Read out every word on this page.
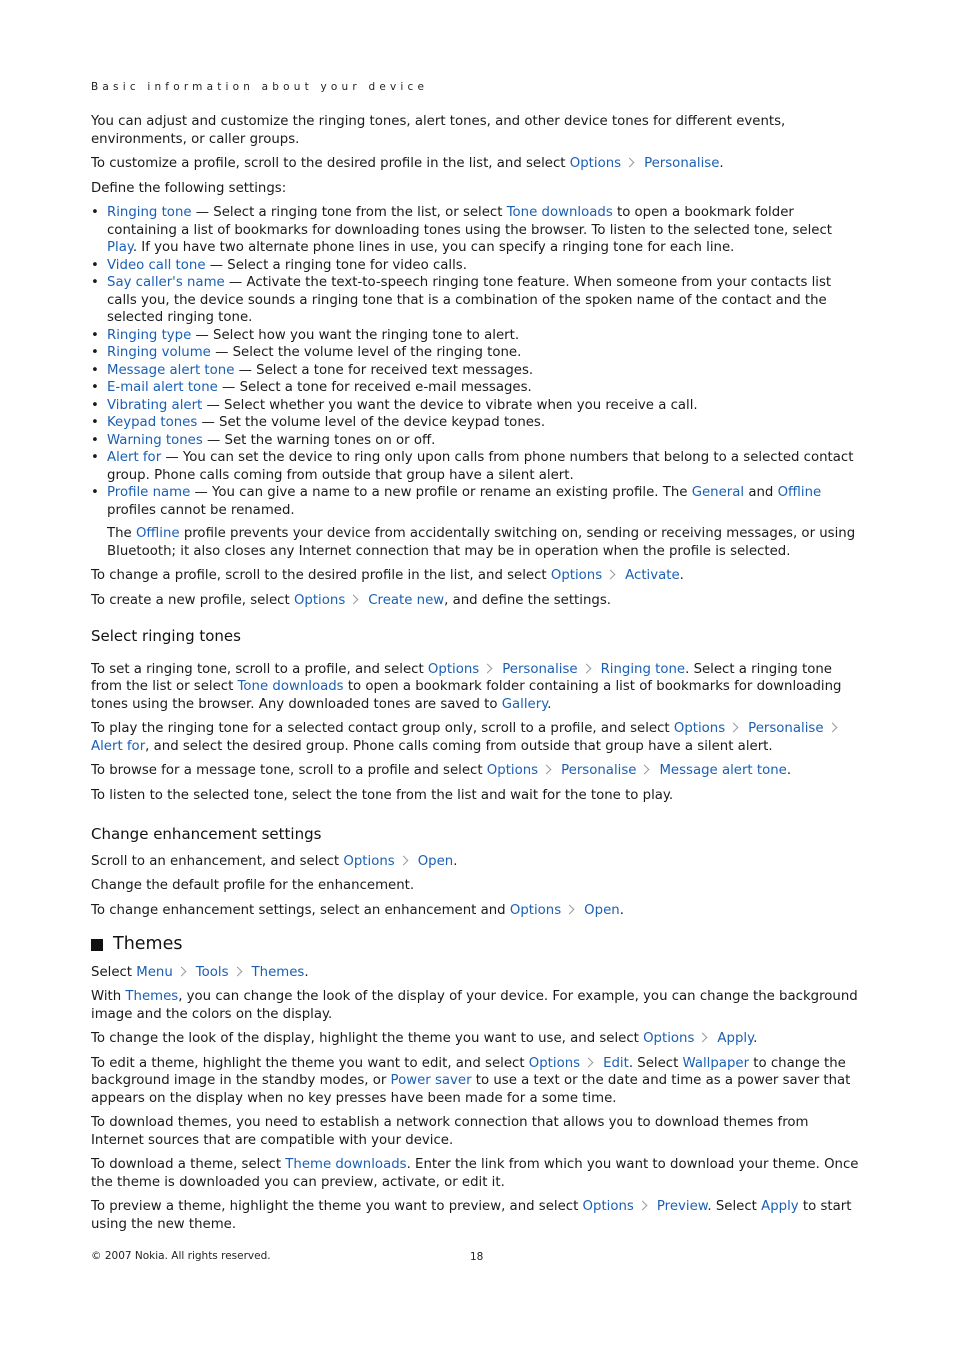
Basic information about your device

You can adjust and customize the ringing tones, alert tones, and other device tones for different events, environments, or caller groups.

To customize a profile, scroll to the desired profile in the list, and select Options Personalise.

Define the following settings:

• Ringing tone — Select a ringing tone from the list, or select Tone downloads to open a bookmark folder containing a list of bookmarks for downloading tones using the browser. To listen to the selected tone, select Play. If you have two alternate phone lines in use, you can specify a ringing tone for each line.
• Video call tone — Select a ringing tone for video calls.
• Say caller's name — Activate the text-to-speech ringing tone feature. When someone from your contacts list calls you, the device sounds a ringing tone that is a combination of the spoken name of the contact and the selected ringing tone.
• Ringing type — Select how you want the ringing tone to alert.
• Ringing volume — Select the volume level of the ringing tone.
• Message alert tone — Select a tone for received text messages.
• E-mail alert tone — Select a tone for received e-mail messages.
• Vibrating alert — Select whether you want the device to vibrate when you receive a call.
• Keypad tones — Set the volume level of the device keypad tones.
• Warning tones — Set the warning tones on or off.
• Alert for — You can set the device to ring only upon calls from phone numbers that belong to a selected contact group. Phone calls coming from outside that group have a silent alert.
• Profile name — You can give a name to a new profile or rename an existing profile. The General and Offline profiles cannot be renamed.

The Offline profile prevents your device from accidentally switching on, sending or receiving messages, or using Bluetooth; it also closes any Internet connection that may be in operation when the profile is selected.

To change a profile, scroll to the desired profile in the list, and select Options Activate.

To create a new profile, select Options Create new, and define the settings.

Select ringing tones

To set a ringing tone, scroll to a profile, and select Options Personalise Ringing tone. Select a ringing tone from the list or select Tone downloads to open a bookmark folder containing a list of bookmarks for downloading tones using the browser. Any downloaded tones are saved to Gallery.

To play the ringing tone for a selected contact group only, scroll to a profile, and select Options PersonaliseAlert for, and select the desired group. Phone calls coming from outside that group have a silent alert.

To browse for a message tone, scroll to a profile and select Options Personalise Message alert tone.

To listen to the selected tone, select the tone from the list and wait for the tone to play.

Change enhancement settings

Scroll to an enhancement, and select Options Open.

Change the default profile for the enhancement.

To change enhancement settings, select an enhancement and Options Open.

Themes

Select Menu Tools Themes.

With Themes, you can change the look of the display of your device. For example, you can change the background image and the colors on the display.

To change the look of the display, highlight the theme you want to use, and select Options Apply.

To edit a theme, highlight the theme you want to edit, and select Options Edit. Select Wallpaper to change the background image in the standby modes, or Power saver to use a text or the date and time as a power saver that appears on the display when no key presses have been made for a some time.

To download themes, you need to establish a network connection that allows you to download themes from Internet sources that are compatible with your device.

To download a theme, select Theme downloads. Enter the link from which you want to download your theme. Once the theme is downloaded you can preview, activate, or edit it.

To preview a theme, highlight the theme you want to preview, and select Options Preview. Select Apply to start using the new theme.

© 2007 Nokia. All rights reserved.	18
